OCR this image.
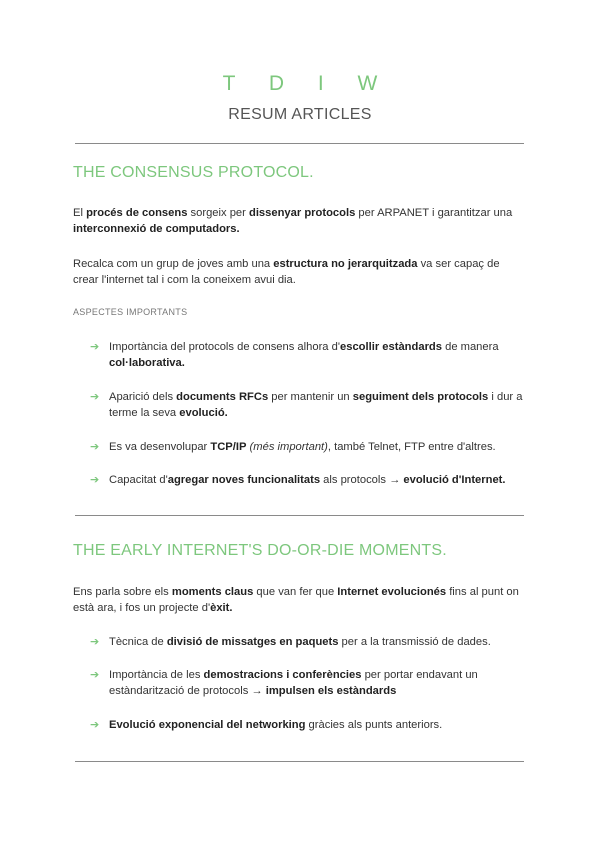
T D I W
RESUM ARTICLES
THE CONSENSUS PROTOCOL.
El procés de consens sorgeix per dissenyar protocols per ARPANET i garantitzar una interconnexió de computadors.
Recalca com un grup de joves amb una estructura no jerarquitzada va ser capaç de crear l'internet tal i com la coneixem avui dia.
ASPECTES IMPORTANTS
➔ Importància del protocols de consens alhora d'escollir estàndards de manera col·laborativa.
➔ Aparició dels documents RFCs per mantenir un seguiment dels protocols i dur a terme la seva evolució.
➔ Es va desenvolupar TCP/IP (més important), també Telnet, FTP entre d'altres.
➔ Capacitat d'agregar noves funcionalitats als protocols → evolució d'Internet.
THE EARLY INTERNET'S DO-OR-DIE MOMENTS.
Ens parla sobre els moments claus que van fer que Internet evolucionés fins al punt on està ara, i fos un projecte d'èxit.
➔ Tècnica de divisió de missatges en paquets per a la transmissió de dades.
➔ Importància de les demostracions i conferències per portar endavant un estàndarització de protocols → impulsen els estàndards
➔ Evolució exponencial del networking gràcies als punts anteriors.
